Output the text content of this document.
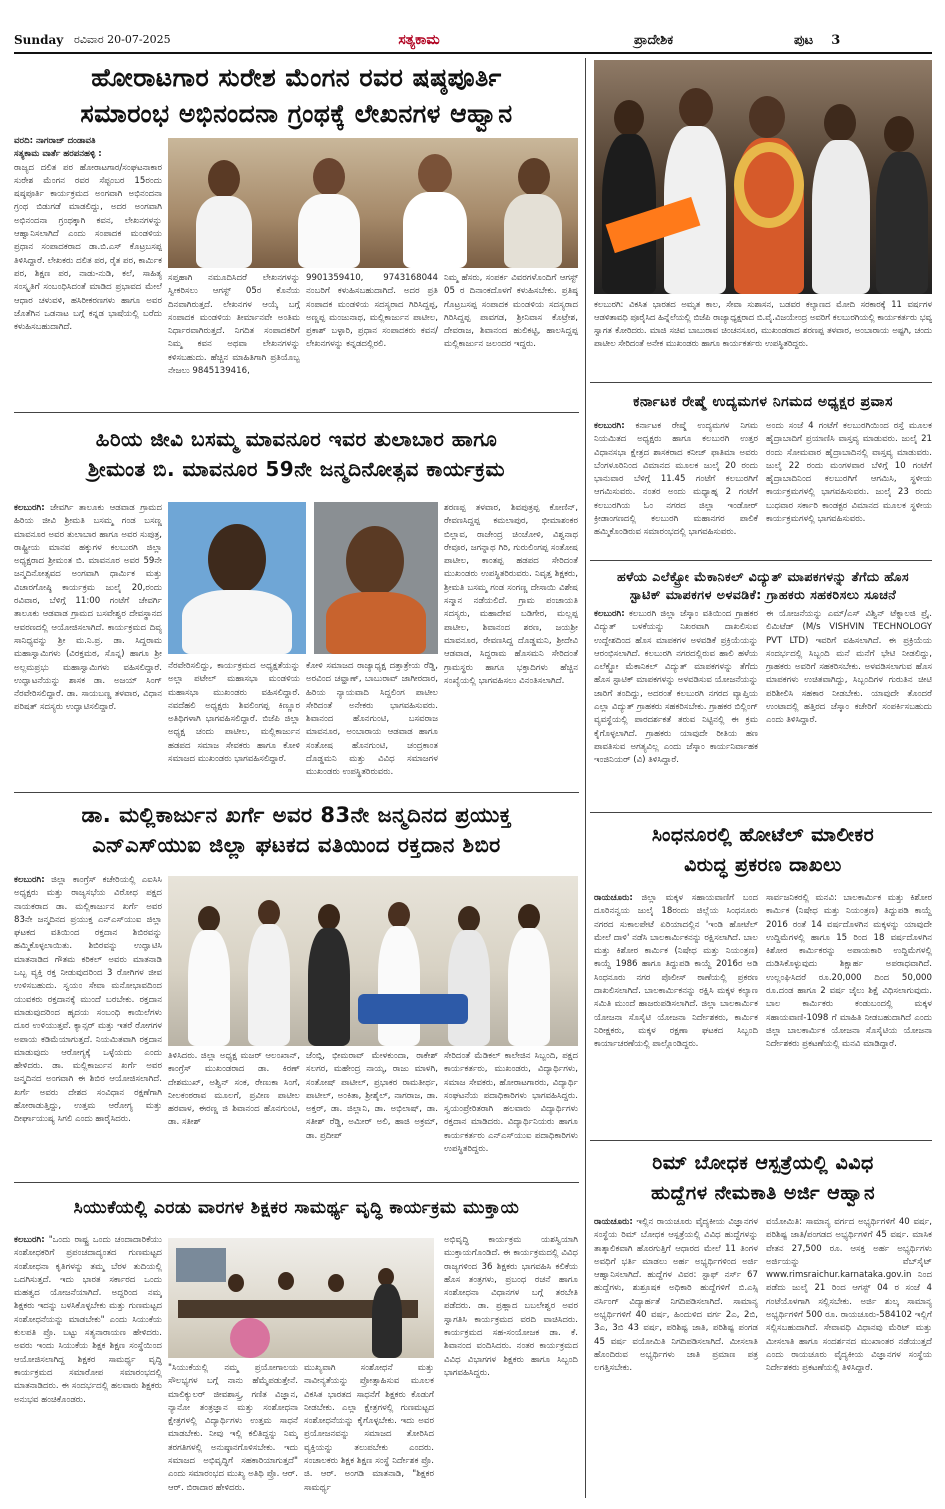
Sunday ರವಿವಾರ 20-07-2025	ಸತ್ಯಕಾಮ	ಪ್ರಾದೇಶಿಕ	ಪುಟ 3
ಹೋರಾಟಗಾರ ಸುರೇಶ ಮೆಂಗನ ರವರ ಷಷ್ಠಪೂರ್ತಿ
ಸಮಾರಂಭ ಅಭಿನಂದನಾ ಗ್ರಂಥಕ್ಕೆ ಲೇಖನಗಳ ಆಹ್ವಾನ
ವರದಿ: ನಾಗರಾಜ್ ದಂಡಾವತಿ
ಸತ್ಯಕಾಮ ವಾರ್ತೆ ಹರಪನಹಳ್ಳಿ :
ರಾಜ್ಯದ ದಲಿತ ಪರ ಹೋರಾಟಗಾರ/ಸಂಘಟನಾಕಾರ ಸುರೇಶ ಮೆಂಗನ ರವರ ಸೆಪ್ಟಂಬರ 15ರಂದು ಷಷ್ಠಪೂರ್ತಿ ಕಾರ್ಯಕ್ರಮದ ಅಂಗವಾಗಿ ಅಭಿನಂದನಾ ಗ್ರಂಥ ಬಿಡುಗಡೆ ಮಾಡಲಿದ್ದು, ಅದರ ಅಂಗವಾಗಿ ಅಭಿನಂದನಾ ಗ್ರಂಥಕ್ಕಾಗಿ ಕವನ, ಲೇಖನಗಳನ್ನು ಆಹ್ವಾನಿಸಲಾಗಿದೆ ಎಂದು ಸಂಪಾದಕ ಮಂಡಳಿಯ ಪ್ರಧಾನ ಸಂಪಾದಕರಾದ ಡಾ.ಬಿ.ಎಸ್ ಕೊಟ್ರಬಸಪ್ಪ ತಿಳಿಸಿದ್ದಾರೆ. ಲೇಖಕರು ದಲಿತ ಪರ, ರೈತ ಪರ, ಕಾರ್ಮಿಕ ಪರ, ಶಿಕ್ಷಣ ಪರ, ನಾಡು-ನುಡಿ, ಕಲೆ, ಸಾಹಿತ್ಯ ಸಂಸ್ಕೃತಿಗೆ ಸಂಬಂಧಿಸಿದಂತೆ ಮಾಡಿದ ಪ್ರಭಾವದ ಮೇಲೆ ಆಧಾರ ಚಳುವಳಿ, ಹಸಿರೀಕರಣಗಳು ಹಾಗೂ ಅವರ ಜೊತೆಗಿನ ಒಡನಾಟ ಬಗ್ಗೆ ಕನ್ನಡ ಭಾಷೆಯಲ್ಲಿ ಬರೆದು ಕಳುಹಿಸಬಹುದಾಗಿದೆ.
ಸಪ್ತಹಾಗಿ ನಮೂದಿಸಿದರೆ ಲೇಖನಗಳನ್ನು ಸ್ವೀಕರಿಸಲು ಆಗಸ್ಟ್ 05ರ ಕೊನೆಯ ದಿನವಾಗಿರುತ್ತದೆ. ಲೇಖನಗಳ ಆಯ್ಕೆ ಬಗ್ಗೆ ಸಂಪಾದಕ ಮಂಡಳಿಯ ತೀರ್ಮಾನವೇ ಅಂತಿಮ ನಿರ್ಧಾರವಾಗಿರುತ್ತದೆ. ನಿಗದಿತ ಸಂಪಾದಕರಿಗೆ ನಿಮ್ಮ ಕವನ ಅಥವಾ ಲೇಖನಗಳನ್ನು ಕಳಿಸಬಹುದು. ಹೆಚ್ಚಿನ ಮಾಹಿತಿಗಾಗಿ ಪ್ರತಿಯೊಬ್ಬ ನೇಜಲು 9845139416,
9901359410, 9743168044 ನಂಬರಿಗೆ ಕಳುಹಿಸಬಹುದಾಗಿದೆ. ಅದರ ಪ್ರತಿ ಸಂಪಾದಕ ಮಂಡಳಿಯ ಸದಸ್ಯರಾದ ಗಿರಿಸಿದ್ದಪ್ಪ, ಅಣ್ಣಪ್ಪ ಮಂಜುನಾಥ, ಮಲ್ಲಿಕಾರ್ಜುನ ಪಾಟೀಲ, ಪ್ರಕಾಶ್ ಬಳ್ಳಾರಿ, ಪ್ರಧಾನ ಸಂಪಾದಕರು ಕವನ/ಲೇಖನಗಳನ್ನು ಕನ್ನಡದಲ್ಲಿರಲಿ.
ನಿಮ್ಮ ಹೆಸರು, ಸಂಪರ್ಕ ವಿವರಗಳೊಂದಿಗೆ ಆಗಸ್ಟ್ 05 ರ ದಿನಾಂಕದೊಳಗೆ ಕಳುಹಿಸಬೇಕು. ಪ್ರತಿಷ್ಠ ಗೊಟ್ರಬಸಪ್ಪ ಸಂಪಾದಕ ಮಂಡಳಿಯ ಸದಸ್ಯರಾದ ಗಿರಿಸಿದ್ದಪ್ಪ ಪಾವಗಡ, ಶ್ರೀನಿವಾಸ ಕೊಟ್ರೇಶ, ದೇವರಾಜ, ಶಿವಾನಂದ ಹುಲಿಕಟ್ಟಿ, ಹಾಲಸಿದ್ದಪ್ಪ ಮಲ್ಲಿಕಾರ್ಜುನ ಜಲಂದರ ಇದ್ದರು.
ಕಲಬುರಗಿ: ವಿಕಸಿತ ಭಾರತದ ಅಮೃತ ಕಾಲ, ಸೇವಾ ಸುಶಾಸನ, ಬಡವರ ಕಲ್ಯಾಣದ ಮೋದಿ ಸರಕಾರಕ್ಕೆ 11 ವರ್ಷಗಳ ಆಡಳಿತಾವಧಿ ಪೂರೈಸಿದ ಹಿನ್ನೆಲೆಯಲ್ಲಿ ಬಿಜೆಪಿ ರಾಜ್ಯಾಧ್ಯಕ್ಷರಾದ ಬಿ.ವೈ.ವಿಜಯೇಂದ್ರ ಅವರಿಗೆ ಕಲಬುರಗಿಯಲ್ಲಿ ಕಾರ್ಯಕರ್ತರು ಭವ್ಯ ಸ್ವಾಗತ ಕೋರಿದರು. ಮಾಜಿ ಸಚಿವ ಬಾಬುರಾವ ಚಿಂಚನಸೂರ, ಮುಖಂಡರಾದ ಶರಣಪ್ಪ ತಳವಾರ, ಅಂಬಾರಾಯ ಅಷ್ಟಗಿ, ಚಂದು ಪಾಟೀಲ ಸೇರಿದಂತೆ ಅನೇಕ ಮುಖಂಡರು ಹಾಗೂ ಕಾರ್ಯಕರ್ತರು ಉಪಸ್ಥಿತರಿದ್ದರು.
ಕರ್ನಾಟಕ ರೇಷ್ಮೆ ಉದ್ಯಮಗಳ ನಿಗಮದ ಅಧ್ಯಕ್ಷರ ಪ್ರವಾಸ
ಕಲಬುರಗಿ: ಕರ್ನಾಟಕ ರೇಷ್ಮೆ ಉದ್ಯಮಗಳ ನಿಗಮ ನಿಯಮಿತದ ಅಧ್ಯಕ್ಷರು ಹಾಗೂ ಕಲಬುರಗಿ ಉತ್ತರ ವಿಧಾನಸಭಾ ಕ್ಷೇತ್ರದ ಶಾಸಕರಾದ ಕನೀಜ್ ಫಾತಿಮಾ ಅವರು ಬೆಂಗಳೂರಿನಿಂದ ವಿಮಾನದ ಮೂಲಕ ಜುಲೈ 20 ರಂದು ಭಾನುವಾರ ಬೆಳಿಗ್ಗೆ 11.45 ಗಂಟೆಗೆ ಕಲಬುರಗಿಗೆ ಆಗಮಿಸುವರು. ನಂತರ ಅಂದು ಮಧ್ಯಾಹ್ನ 2 ಗಂಟೆಗೆ ಕಲಬುರಗಿಯ ಓಂ ನಗರದ ಜಿಲ್ಲಾ ಇಂಡೋರ್ ಕ್ರೀಡಾಂಗಣದಲ್ಲಿ ಕಲಬುರಗಿ ಮಹಾನಗರ ಪಾಲಿಕೆ ಹಮ್ಮಿಕೊಂಡಿರುವ ಸಮಾರಂಭದಲ್ಲಿ ಭಾಗವಹಿಸುವರು.
ಅಂದು ಸಂಜೆ 4 ಗಂಟೆಗೆ ಕಲಬುರಗಿಯಿಂದ ರಸ್ತೆ ಮೂಲಕ ಹೈದ್ರಾಬಾದಿಗೆ ಪ್ರಯಾಣಿಸಿ ವಾಸ್ತವ್ಯ ಮಾಡುವರು. ಜುಲೈ 21 ರಂದು ಸೋಮವಾರ ಹೈದ್ರಾಬಾದಿನಲ್ಲಿ ವಾಸ್ತವ್ಯ ಮಾಡುವರು. ಜುಲೈ 22 ರಂದು ಮಂಗಳವಾರ ಬೆಳಿಗ್ಗೆ 10 ಗಂಟೆಗೆ ಹೈದ್ರಾಬಾದಿನಿಂದ ಕಲಬುರಗಿಗೆ ಆಗಮಿಸಿ, ಸ್ಥಳೀಯ ಕಾರ್ಯಕ್ರಮಗಳಲ್ಲಿ ಭಾಗವಹಿಸುವರು. ಜುಲೈ 23 ರಂದು ಬುಧವಾರ ಸರ್ಕಾರಿ ಕಾಂಡಕ್ಟರ ವಿಮಾನದ ಮೂಲಕ ಸ್ಥಳೀಯ ಕಾರ್ಯಕ್ರಮಗಳಲ್ಲಿ ಭಾಗವಹಿಸುವರು.
ಹಿರಿಯ ಜೀವಿ ಬಸಮ್ಮ ಮಾವನೂರ ಇವರ ತುಲಾಬಾರ ಹಾಗೂ
ಶ್ರೀಮಂತ ಬಿ. ಮಾವನೂರ 59ನೇ ಜನ್ಮದಿನೋತ್ಸವ ಕಾರ್ಯಕ್ರಮ
ಕಲಬುರಗಿ: ಜೇವರ್ಗಿ ತಾಲೂಕು ಆಡವಾಡ ಗ್ರಾಮದ ಹಿರಿಯ ಜೀವಿ ಶ್ರೀಮತಿ ಬಸಮ್ಮ ಗಂಡ ಬಸಣ್ಣ ಮಾವನೂರ ಅವರ ತುಲಾಬಾರ ಹಾಗೂ ಅವರ ಸುಪುತ್ರ, ರಾಷ್ಟ್ರೀಯ ಮಾನವ ಹಕ್ಕುಗಳ ಕಲಬುರಗಿ ಜಿಲ್ಲಾ ಅಧ್ಯಕ್ಷರಾದ ಶ್ರೀಮಂತ ಬಿ. ಮಾವನೂರ ಅವರ 59ನೇ ಜನ್ಮದಿನೋತ್ಸವದ ಅಂಗವಾಗಿ ಧಾರ್ಮಿಕ ಮತ್ತು ವಿಚಾರಗೋಷ್ಠಿ ಕಾರ್ಯಕ್ರಮ ಜುಲೈ 20,ರಂದು ರವಿವಾರ, ಬೆಳಿಗ್ಗೆ 11:00 ಗಂಟೆಗೆ ಜೇವರ್ಗಿ ತಾಲೂಕು ಆಡವಾಡ ಗ್ರಾಮದ ಬಸವೇಶ್ವರ ದೇವಸ್ಥಾನದ ಆವರಣದಲ್ಲಿ ಆಯೋಜಿಸಲಾಗಿದೆ. ಕಾರ್ಯಕ್ರಮದ ದಿವ್ಯ ಸಾನಿಧ್ಯವನ್ನು ಶ್ರೀ ಮ.ನಿ.ಪ್ರ. ಡಾ. ಸಿದ್ದರಾಮ ಮಹಾಸ್ವಾಮಿಗಳು (ವಿರಕ್ತಮಠ, ಸೊನ್ನ) ಹಾಗೂ ಶ್ರೀ ಅಲ್ಲಮಪ್ರಭು ಮಹಾಸ್ವಾಮಿಗಳು ವಹಿಸಲಿದ್ದಾರೆ. ಉದ್ಘಾಟನೆಯನ್ನು ಶಾಸಕ ಡಾ. ಅಜಯ್ ಸಿಂಗ್ ನೆರವೇರಿಸಲಿದ್ದಾರೆ. ಡಾ. ಸಾಯಬಣ್ಣ ತಳವಾರ, ವಿಧಾನ ಪರಿಷತ್ ಸದಸ್ಯರು ಉದ್ಘಾಟಿಸಲಿದ್ದಾರೆ.
ನೆರವೇರಿಸಲಿದ್ದು, ಕಾರ್ಯಕ್ರಮದ ಅಧ್ಯಕ್ಷತೆಯನ್ನು ಅಲ್ಲಾ ಪಟೇಲ್ ಮಹಾಸಭಾ ಮಂಡಳಿಯ ಮಹಾಸಭಾ ಮುಖಂಡರು ವಹಿಸಲಿದ್ದಾರೆ. ನವದೆಹಲಿ ಅಧ್ಯಕ್ಷರು ಶಿವಲಿಂಗಪ್ಪ ಕಿಣ್ಣೂರ ಅತಿಥಿಗಳಾಗಿ ಭಾಗವಹಿಸಲಿದ್ದಾರೆ. ಬಿಜೆಪಿ ಜಿಲ್ಲಾ ಅಧ್ಯಕ್ಷ ಚಂದು ಪಾಟೀಲ, ಮಲ್ಲಿಕಾರ್ಜುನ ಹಡಪದ ಸಮಾಜ ಸೇವಕರು ಹಾಗೂ ಕೋಳಿ ಸಮಾಜದ ಮುಖಂಡರು ಭಾಗವಹಿಸಲಿದ್ದಾರೆ.
ಕೋಳಿ ಸಮಾಜದ ರಾಜ್ಯಾಧ್ಯಕ್ಷ ದತ್ತಾತ್ರೇಯ ರೆಡ್ಡಿ, ಅರವಿಂದ ಚವ್ಹಾಣ್, ಬಾಬುರಾವ್ ಜಾಗೀರದಾರ, ಹಿರಿಯ ನ್ಯಾಯವಾದಿ ಸಿದ್ದಲಿಂಗ ಪಾಟೀಲ ಸೇರಿದಂತೆ ಅನೇಕರು ಭಾಗವಹಿಸುವರು. ಶಿವಾನಂದ ಹೊನಗುಂಟಿ, ಬಸವರಾಜ ಮಾವನೂರ, ಅಂಬಾರಾಯ ಆಡವಾಡ ಹಾಗೂ ಸಂತೋಷ ಹೊನಗುಂಟಿ, ಚಂದ್ರಕಾಂತ ದೊಡ್ಡಮನಿ ಮತ್ತು ವಿವಿಧ ಸಮಾಜಗಳ ಮುಖಂಡರು ಉಪಸ್ಥಿತರಿರುವರು.
ಶರಣಪ್ಪ ತಳವಾರ, ಶಿವಪುತ್ರಪ್ಪ ಕೋಣಿನ್, ರೇವಣಸಿದ್ದಪ್ಪ ಕಮಲಾಪುರ, ಭೀಮಾಶಂಕರ ಬಿಲ್ಲಾವ, ರಾಜೇಂದ್ರ ಚಿಂಚೋಳಿ, ವಿಶ್ವನಾಥ ರೇವೂರ, ಜಗನ್ನಾಥ ಗಿರಿ, ಗುರುಲಿಂಗಪ್ಪ ಸಂತೋಷ ಪಾಟೀಲ, ಕಾಂತಪ್ಪ ಹಡಪದ ಸೇರಿದಂತೆ ಮುಖಂಡರು ಉಪಸ್ಥಿತರಿರುವರು. ನಿವೃತ್ತ ಶಿಕ್ಷಕರು, ಶ್ರೀಮತಿ ಬಸಮ್ಮ ಗಂಡ ಸಂಗಣ್ಣ ದೇಸಾಯಿ ವಿಶೇಷ ಸನ್ಮಾನ ನಡೆಯಲಿದೆ. ಗ್ರಾಮ ಪಂಚಾಯತಿ ಸದಸ್ಯರು, ಮಹಾದೇವ ಬಡಿಗೇರ, ಮಲ್ಲಪ್ಪ ಪಾಟೀಲ, ಶಿವಾನಂದ ಶರಣ, ಜಯಶ್ರೀ ಮಾವನೂರ, ರೇವಣಸಿದ್ದ ದೊಡ್ಡಮನಿ, ಶ್ರೀದೇವಿ ಆಡವಾಡ, ಸಿದ್ದರಾಮ ಹೊಸಮನಿ ಸೇರಿದಂತೆ ಗ್ರಾಮಸ್ಥರು ಹಾಗೂ ಭಕ್ತಾದಿಗಳು ಹೆಚ್ಚಿನ ಸಂಖ್ಯೆಯಲ್ಲಿ ಭಾಗವಹಿಸಲು ವಿನಂತಿಸಲಾಗಿದೆ.
ಹಳೆಯ ಎಲೆಕ್ಟ್ರೋ ಮೆಕಾನಿಕಲ್ ವಿದ್ಯುತ್ ಮಾಪಕಗಳನ್ನು ತೆಗೆದು ಹೊಸ
ಸ್ಟಾಟಿಕ್ ಮಾಪಕಗಳ ಅಳವಡಿಕೆ: ಗ್ರಾಹಕರು ಸಹಕರಿಸಲು ಸೂಚನೆ
ಕಲಬುರಗಿ: ಕಲಬುರಗಿ ಜಿಲ್ಲಾ ಜೆಸ್ಕಾಂ ವತಿಯಿಂದ ಗ್ರಾಹಕರ ವಿದ್ಯುತ್ ಬಳಕೆಯನ್ನು ನಿಖರವಾಗಿ ದಾಖಲಿಸುವ ಉದ್ದೇಶದಿಂದ ಹೊಸ ಮಾಪಕಗಳ ಅಳವಡಿಕೆ ಪ್ರಕ್ರಿಯೆಯನ್ನು ಆರಂಭಿಸಲಾಗಿದೆ. ಕಲಬುರಗಿ ನಗರದಲ್ಲಿರುವ ಹಾಲಿ ಹಳೆಯ ಎಲೆಕ್ಟ್ರೋ ಮೆಕಾನಿಕಲ್ ವಿದ್ಯುತ್ ಮಾಪಕಗಳನ್ನು ತೆಗೆದು ಹೊಸ ಸ್ಟಾಟಿಕ್ ಮಾಪಕಗಳನ್ನು ಅಳವಡಿಸುವ ಯೋಜನೆಯನ್ನು ಜಾರಿಗೆ ತಂದಿದ್ದು, ಅದರಂತೆ ಕಲಬುರಗಿ ನಗರದ ವ್ಯಾಪ್ತಿಯ ಎಲ್ಲಾ ವಿದ್ಯುತ್ ಗ್ರಾಹಕರು ಸಹಕರಿಸಬೇಕು. ಗ್ರಾಹಕರ ಬಿಲ್ಲಿಂಗ್ ವ್ಯವಸ್ಥೆಯಲ್ಲಿ ಪಾರದರ್ಶಕತೆ ತರುವ ನಿಟ್ಟಿನಲ್ಲಿ ಈ ಕ್ರಮ ಕೈಗೊಳ್ಳಲಾಗಿದೆ. ಗ್ರಾಹಕರು ಯಾವುದೇ ರೀತಿಯ ಹಣ ಪಾವತಿಸುವ ಅಗತ್ಯವಿಲ್ಲ ಎಂದು ಜೆಸ್ಕಾಂ ಕಾರ್ಯನಿರ್ವಾಹಕ ಇಂಜಿನಿಯರ್ (ವಿ) ತಿಳಿಸಿದ್ದಾರೆ.
ಈ ಯೋಜನೆಯನ್ನು ಎಮ್/ಎಸ್ ವಿಶ್ವಿನ್ ಟೆಕ್ನಾಲಜಿ ಪ್ರೈ. ಲಿಮಿಟೆಡ್ (M/s VISHVIN TECHNOLOGY PVT LTD) ಇವರಿಗೆ ವಹಿಸಲಾಗಿದೆ. ಈ ಪ್ರಕ್ರಿಯೆಯ ಸಂದರ್ಭದಲ್ಲಿ ಸಿಬ್ಬಂದಿ ಮನೆ ಮನೆಗೆ ಭೇಟಿ ನೀಡಲಿದ್ದು, ಗ್ರಾಹಕರು ಅವರಿಗೆ ಸಹಕರಿಸಬೇಕು. ಅಳವಡಿಸಲಾಗುವ ಹೊಸ ಮಾಪಕಗಳು ಉಚಿತವಾಗಿದ್ದು, ಸಿಬ್ಬಂದಿಗಳ ಗುರುತಿನ ಚೀಟಿ ಪರಿಶೀಲಿಸಿ ಸಹಕಾರ ನೀಡಬೇಕು. ಯಾವುದೇ ತೊಂದರೆ ಉಂಟಾದಲ್ಲಿ ಹತ್ತಿರದ ಜೆಸ್ಕಾಂ ಕಚೇರಿಗೆ ಸಂಪರ್ಕಿಸಬಹುದು ಎಂದು ತಿಳಿಸಿದ್ದಾರೆ.
ಡಾ. ಮಲ್ಲಿಕಾರ್ಜುನ ಖರ್ಗೆ ಅವರ 83ನೇ ಜನ್ಮದಿನದ ಪ್ರಯುಕ್ತ
ಎನ್‌ಎಸ್‌ಯುಐ ಜಿಲ್ಲಾ ಘಟಕದ ವತಿಯಿಂದ ರಕ್ತದಾನ ಶಿಬಿರ
ಕಲಬುರಗಿ: ಜಿಲ್ಲಾ ಕಾಂಗ್ರೆಸ್ ಕಚೇರಿಯಲ್ಲಿ ಎಐಸಿಸಿ ಅಧ್ಯಕ್ಷರು ಮತ್ತು ರಾಜ್ಯಸಭೆಯ ವಿರೋಧ ಪಕ್ಷದ ನಾಯಕರಾದ ಡಾ. ಮಲ್ಲಿಕಾರ್ಜುನ ಖರ್ಗೆ ಅವರ 83ನೇ ಜನ್ಮದಿನದ ಪ್ರಯುಕ್ತ ಎನ್‌ಎಸ್‌ಯುಐ ಜಿಲ್ಲಾ ಘಟಕದ ವತಿಯಿಂದ ರಕ್ತದಾನ ಶಿಬಿರವನ್ನು ಹಮ್ಮಿಕೊಳ್ಳಲಾಯಿತು. ಶಿಬಿರವನ್ನು ಉದ್ಘಾಟಿಸಿ ಮಾತನಾಡಿದ ಗೌತಮ ಕರಿಕಲ್ ಅವರು ಮಾತನಾಡಿ ಒಬ್ಬ ವ್ಯಕ್ತಿ ರಕ್ತ ನೀಡುವುದರಿಂದ 3 ರೋಗಿಗಳ ಜೀವ ಉಳಿಸಬಹುದು. ಸ್ವಯಂ ಸೇವಾ ಮನೋಭಾವದಿಂದ ಯುವಕರು ರಕ್ತದಾನಕ್ಕೆ ಮುಂದೆ ಬರಬೇಕು. ರಕ್ತದಾನ ಮಾಡುವುದರಿಂದ ಹೃದಯ ಸಂಬಂಧಿ ಕಾಯಿಲೆಗಳು ದೂರ ಉಳಿಯುತ್ತವೆ. ಕ್ಯಾನ್ಸರ್ ಮತ್ತು ಇತರೆ ರೋಗಗಳ ಅಪಾಯ ಕಡಿಮೆಯಾಗುತ್ತದೆ. ನಿಯಮಿತವಾಗಿ ರಕ್ತದಾನ ಮಾಡುವುದು ಆರೋಗ್ಯಕ್ಕೆ ಒಳ್ಳೆಯದು ಎಂದು ಹೇಳಿದರು. ಡಾ. ಮಲ್ಲಿಕಾರ್ಜುನ ಖರ್ಗೆ ಅವರ ಜನ್ಮದಿನದ ಅಂಗವಾಗಿ ಈ ಶಿಬಿರ ಆಯೋಜಿಸಲಾಗಿದೆ. ಖರ್ಗೆ ಅವರು ದೇಶದ ಸಂವಿಧಾನ ರಕ್ಷಣೆಗಾಗಿ ಹೋರಾಡುತ್ತಿದ್ದು, ಉತ್ತಮ ಆರೋಗ್ಯ ಮತ್ತು ದೀರ್ಘಾಯುಷ್ಯ ಸಿಗಲಿ ಎಂದು ಹಾರೈಸಿದರು.
ತಿಳಿಸಿದರು. ಜಿಲ್ಲಾ ಅಧ್ಯಕ್ಷ ಮಜರ್ ಆಲಂಖಾನ್, ಕಾಂಗ್ರೆಸ್ ಮುಖಂಡರಾದ ಡಾ. ಕಿರಣ್ ದೇಶಮುಖ್, ಅಶ್ವಿನ್ ಸಂಕ, ರೇಣುಕಾ ಸಿಂಗೆ, ನೀಲಕಂಠರಾವ ಮೂಲಗೆ, ಪ್ರವೀಣ ಪಾಟೀಲ ಹರವಾಳ, ಈರಣ್ಣ ಜಿ ಶಿವಾನಂದ ಹೊನಗುಂಟಿ, ಡಾ. ಸತೀಶ್
ಜೆಂಬ್ಗಿ, ಭೀಮರಾವ್ ಮೇಳಕುಂದಾ, ರಾಕೇಶ್ ಸಲಗರ, ಮಹೇಂದ್ರ ನಾಯ್ಕ, ರಾಜು ಮಾಳಗಿ, ಸಂತೋಷ್ ಪಾಟೀಲ್, ಪ್ರಭಾಕರ ರಾಮತೀರ್ಥ, ಪಾಟೀಲ್, ಅಂಕಿತಾ, ಶ್ರೀಶೈಲ್, ನಾಗರಾಜ, ಡಾ. ಅಕ್ತರ್, ಡಾ. ಜಿಲ್ಲಾನಿ, ಡಾ. ಅಭಿಲಾಷ್, ಡಾ. ಸತೀಶ್ ರೆಡ್ಡಿ, ಅಮೀರ್ ಅಲಿ, ಹಾಜಿ ಅಕ್ರಮ್, ಡಾ. ಪ್ರದೀಪ್
ಸೇರಿದಂತೆ ಮೆಡಿಕಲ್ ಕಾಲೇಜಿನ ಸಿಬ್ಬಂದಿ, ಪಕ್ಷದ ಕಾರ್ಯಕರ್ತರು, ಮುಖಂಡರು, ವಿದ್ಯಾರ್ಥಿಗಳು, ಸಮಾಜ ಸೇವಕರು, ಹೋರಾಟಗಾರರು, ವಿದ್ಯಾರ್ಥಿ ಸಂಘಟನೆಯ ಪದಾಧಿಕಾರಿಗಳು ಭಾಗವಹಿಸಿದ್ದರು. ಸ್ವಯಂಪ್ರೇರಿತರಾಗಿ ಹಲವಾರು ವಿದ್ಯಾರ್ಥಿಗಳು ರಕ್ತದಾನ ಮಾಡಿದರು. ವಿದ್ಯಾರ್ಥಿನಿಯರು ಹಾಗೂ ಕಾರ್ಯಕರ್ತರು ಎನ್‌ಎಸ್‌ಯುಐ ಪದಾಧಿಕಾರಿಗಳು ಉಪಸ್ಥಿತರಿದ್ದರು.
ಸಿಂಧನೂರಲ್ಲಿ ಹೋಟೆಲ್ ಮಾಲೀಕರ
ವಿರುದ್ಧ ಪ್ರಕರಣ ದಾಖಲು
ರಾಯಚೂರು: ಜಿಲ್ಲಾ ಮಕ್ಕಳ ಸಹಾಯವಾಣಿಗೆ ಬಂದ ದೂರಿನನ್ವಯ ಜುಲೈ 18ರಂದು ಜಿಲ್ಲೆಯ ಸಿಂಧನೂರು ನಗರದ ಸುಕಾಲಪೇಟೆ ಏರಿಯಾದಲ್ಲಿನ 'ಇಂಡಿ ಹೋಟೆಲ್ ಮೇಲೆ ದಾಳಿ' ನಡೆಸಿ ಬಾಲಕಾರ್ಮಿಕನನ್ನು ರಕ್ಷಿಸಲಾಗಿದೆ. ಬಾಲ ಮತ್ತು ಕಿಶೋರ ಕಾರ್ಮಿಕ (ನಿಷೇಧ ಮತ್ತು ನಿಯಂತ್ರಣ) ಕಾಯ್ದೆ 1986 ಹಾಗೂ ತಿದ್ದುಪಡಿ ಕಾಯ್ದೆ 2016ರ ಅಡಿ ಸಿಂಧನೂರು ನಗರ ಪೊಲೀಸ್ ಠಾಣೆಯಲ್ಲಿ ಪ್ರಕರಣ ದಾಖಲಿಸಲಾಗಿದೆ. ಬಾಲಕಾರ್ಮಿಕನನ್ನು ರಕ್ಷಿಸಿ ಮಕ್ಕಳ ಕಲ್ಯಾಣ ಸಮಿತಿ ಮುಂದೆ ಹಾಜರುಪಡಿಸಲಾಗಿದೆ. ಜಿಲ್ಲಾ ಬಾಲಕಾರ್ಮಿಕ ಯೋಜನಾ ಸೊಸೈಟಿ ಯೋಜನಾ ನಿರ್ದೇಶಕರು, ಕಾರ್ಮಿಕ ನಿರೀಕ್ಷಕರು, ಮಕ್ಕಳ ರಕ್ಷಣಾ ಘಟಕದ ಸಿಬ್ಬಂದಿ ಕಾರ್ಯಾಚರಣೆಯಲ್ಲಿ ಪಾಲ್ಗೊಂಡಿದ್ದರು.
ಸಾರ್ವಜನಿಕರಲ್ಲಿ ಮನವಿ: ಬಾಲಕಾರ್ಮಿಕ ಮತ್ತು ಕಿಶೋರ ಕಾರ್ಮಿಕ (ನಿಷೇಧ ಮತ್ತು ನಿಯಂತ್ರಣ) ತಿದ್ದುಪಡಿ ಕಾಯ್ದೆ 2016 ರಂತೆ 14 ವರ್ಷದೊಳಗಿನ ಮಕ್ಕಳನ್ನು ಯಾವುದೇ ಉದ್ದಿಮೆಗಳಲ್ಲಿ ಹಾಗೂ 15 ರಿಂದ 18 ವರ್ಷದೊಳಗಿನ ಕಿಶೋರ ಕಾರ್ಮಿಕರನ್ನು ಅಪಾಯಕಾರಿ ಉದ್ದಿಮೆಗಳಲ್ಲಿ ದುಡಿಸಿಕೊಳ್ಳುವುದು ಶಿಕ್ಷಾರ್ಹ ಅಪರಾಧವಾಗಿದೆ. ಉಲ್ಲಂಘಿಸಿದರೆ ರೂ.20,000 ದಿಂದ 50,000 ರೂ.ದಂಡ ಹಾಗೂ 2 ವರ್ಷ ಜೈಲು ಶಿಕ್ಷೆ ವಿಧಿಸಲಾಗುವುದು. ಬಾಲ ಕಾರ್ಮಿಕರು ಕಂಡುಬಂದಲ್ಲಿ ಮಕ್ಕಳ ಸಹಾಯವಾಣಿ-1098 ಗೆ ಮಾಹಿತಿ ನೀಡಬಹುದಾಗಿದೆ ಎಂದು ಜಿಲ್ಲಾ ಬಾಲಕಾರ್ಮಿಕ ಯೋಜನಾ ಸೊಸೈಟಿಯ ಯೋಜನಾ ನಿರ್ದೇಶಕರು ಪ್ರಕಟಣೆಯಲ್ಲಿ ಮನವಿ ಮಾಡಿದ್ದಾರೆ.
ರಿಮ್ ಬೋಧಕ ಆಸ್ಪತ್ರೆಯಲ್ಲಿ ವಿವಿಧ
ಹುದ್ದೆಗಳ ನೇಮಕಾತಿ ಅರ್ಜಿ ಆಹ್ವಾನ
ರಾಯಚೂರು: ಇಲ್ಲಿನ ರಾಯಚೂರು ವೈದ್ಯಕೀಯ ವಿಜ್ಞಾನಗಳ ಸಂಸ್ಥೆಯ ರಿಮ್ ಬೋಧಕ ಆಸ್ಪತ್ರೆಯಲ್ಲಿ ವಿವಿಧ ಹುದ್ದೆಗಳನ್ನು ತಾತ್ಕಾಲಿಕವಾಗಿ ಹೊರಗುತ್ತಿಗೆ ಆಧಾರದ ಮೇಲೆ 11 ತಿಂಗಳ ಅವಧಿಗೆ ಭರ್ತಿ ಮಾಡಲು ಅರ್ಹ ಅಭ್ಯರ್ಥಿಗಳಿಂದ ಅರ್ಜಿ ಆಹ್ವಾನಿಸಲಾಗಿದೆ. ಹುದ್ದೆಗಳ ವಿವರ: ಸ್ಟಾಫ್ ನರ್ಸ್ 67 ಹುದ್ದೆಗಳು, ಶುಶ್ರೂಷಕ ಅಧಿಕಾರಿ ಹುದ್ದೆಗಳಿಗೆ ಬಿ.ಎಸ್ಸಿ ನರ್ಸಿಂಗ್ ವಿದ್ಯಾರ್ಹತೆ ನಿಗದಿಪಡಿಸಲಾಗಿದೆ. ಸಾಮಾನ್ಯ ಅಭ್ಯರ್ಥಿಗಳಿಗೆ 40 ವರ್ಷ, ಹಿಂದುಳಿದ ವರ್ಗ 2ಎ, 2ಬಿ, 3ಎ, 3ಬಿ 43 ವರ್ಷ, ಪರಿಶಿಷ್ಟ ಜಾತಿ, ಪರಿಶಿಷ್ಟ ಪಂಗಡ 45 ವರ್ಷ ವಯೋಮಿತಿ ನಿಗದಿಪಡಿಸಲಾಗಿದೆ. ಮೀಸಲಾತಿ ಹೊಂದಿರುವ ಅಭ್ಯರ್ಥಿಗಳು ಜಾತಿ ಪ್ರಮಾಣ ಪತ್ರ ಲಗತ್ತಿಸಬೇಕು.
ವಯೋಮಿತಿ: ಸಾಮಾನ್ಯ ವರ್ಗದ ಅಭ್ಯರ್ಥಿಗಳಿಗೆ 40 ವರ್ಷ, ಪರಿಶಿಷ್ಟ ಜಾತಿ/ಪಂಗಡದ ಅಭ್ಯರ್ಥಿಗಳಿಗೆ 45 ವರ್ಷ. ಮಾಸಿಕ ವೇತನ 27,500 ರೂ. ಆಸಕ್ತ ಅರ್ಹ ಅಭ್ಯರ್ಥಿಗಳು ಅರ್ಜಿಯನ್ನು ವೆಬ್‌ಸೈಟ್ www.rimsraichur.karnataka.gov.in ನಿಂದ ಪಡೆದು ಜುಲೈ 21 ರಿಂದ ಆಗಸ್ಟ್ 04 ರ ಸಂಜೆ 4 ಗಂಟೆಯೊಳಗಾಗಿ ಸಲ್ಲಿಸಬೇಕು. ಅರ್ಜಿ ಶುಲ್ಕ ಸಾಮಾನ್ಯ ಅಭ್ಯರ್ಥಿಗಳಿಗೆ 500 ರೂ. ರಾಯಚೂರು-584102 ಇಲ್ಲಿಗೆ ಸಲ್ಲಿಸಬಹುದಾಗಿದೆ. ಸೇವಾವಧಿ ವಿಧಾನವು ಮೆರಿಟ್ ಮತ್ತು ಮೀಸಲಾತಿ ಹಾಗೂ ಸಂದರ್ಶನದ ಮುಖಾಂತರ ನಡೆಯುತ್ತದೆ ಎಂದು ರಾಯಚೂರು ವೈದ್ಯಕೀಯ ವಿಜ್ಞಾನಗಳ ಸಂಸ್ಥೆಯ ನಿರ್ದೇಶಕರು ಪ್ರಕಟಣೆಯಲ್ಲಿ ತಿಳಿಸಿದ್ದಾರೆ.
ಸಿಯುಕೆಯಲ್ಲಿ ಎರಡು ವಾರಗಳ ಶಿಕ್ಷಕರ ಸಾಮರ್ಥ್ಯ ವೃದ್ಧಿ ಕಾರ್ಯಕ್ರಮ ಮುಕ್ತಾಯ
ಕಲಬುರಗಿ: "ಒಂದು ರಾಷ್ಟ್ರ ಒಂದು ಚಂದಾದಾರಿಕೆಯು ಸಂಶೋಧಕರಿಗೆ ಪ್ರಪಂಚದಾದ್ಯಂತದ ಗುಣಮಟ್ಟದ ಸಂಶೋಧನಾ ಕೃತಿಗಳನ್ನು ತಮ್ಮ ಬೆರಳ ತುದಿಯಲ್ಲಿ ಒದಗಿಸುತ್ತದೆ. ಇದು ಭಾರತ ಸರ್ಕಾರದ ಒಂದು ಮಹತ್ವದ ಯೋಜನೆಯಾಗಿದೆ. ಅದ್ದರಿಂದ ನಮ್ಮ ಶಿಕ್ಷಕರು ಇದನ್ನು ಬಳಸಿಕೊಳ್ಳಬೇಕು ಮತ್ತು ಗುಣಮಟ್ಟದ ಸಂಶೋಧನೆಯನ್ನು ಮಾಡಬೇಕು" ಎಂದು ಸಿಯುಕೆಯ ಕುಲಪತಿ ಪ್ರೊ. ಬಟ್ಟು ಸತ್ಯನಾರಾಯಣ ಹೇಳಿದರು. ಅವರು ಇಂದು ಸಿಯುಕೆಯ ಶಿಕ್ಷಕ ಶಿಕ್ಷಣ ಸಂಸ್ಥೆಯಿಂದ ಆಯೋಜಿಸಲಾಗಿದ್ದ ಶಿಕ್ಷಕರ ಸಾಮರ್ಥ್ಯ ವೃದ್ಧಿ ಕಾರ್ಯಕ್ರಮದ ಸಮಾರೋಪ ಸಮಾರಂಭದಲ್ಲಿ ಮಾತನಾಡಿದರು. ಈ ಸಂದರ್ಭದಲ್ಲಿ ಹಲವಾರು ಶಿಕ್ಷಕರು ಅನುಭವ ಹಂಚಿಕೊಂಡರು.
"ಸಿಯುಕೆಯಲ್ಲಿ ನಮ್ಮ ಪ್ರಯೋಗಾಲಯ ಸೌಲಭ್ಯಗಳ ಬಗ್ಗೆ ನಾನು ಹೆಮ್ಮೆಪಡುತ್ತೇನೆ. ಮಾಲಿಕ್ಯುಲರ್ ಜೀವಶಾಸ್ತ್ರ, ಗಣಿತ ವಿಜ್ಞಾನ, ನ್ಯಾನೋ ತಂತ್ರಜ್ಞಾನ ಮತ್ತು ಸಂಶೋಧನಾ ಕ್ಷೇತ್ರಗಳಲ್ಲಿ ವಿದ್ಯಾರ್ಥಿಗಳು ಉತ್ತಮ ಸಾಧನೆ ಮಾಡಬೇಕು. ನೀವು ಇಲ್ಲಿ ಕಲಿತಿದ್ದನ್ನು ನಿಮ್ಮ ತರಗತಿಗಳಲ್ಲಿ ಅನುಷ್ಠಾನಗೊಳಿಸಬೇಕು. ಇದು ಸಮಾಜದ ಅಭಿವೃದ್ಧಿಗೆ ಸಹಕಾರಿಯಾಗುತ್ತದೆ" ಎಂದು ಸಮಾರಂಭದ ಮುಖ್ಯ ಅತಿಥಿ ಪ್ರೊ. ಆರ್. ಆರ್. ಬಿರಾದಾರ ಹೇಳಿದರು.
ಮುಖ್ಯವಾಗಿ ಸಂಶೋಧನೆ ಮತ್ತು ನಾವೀನ್ಯತೆಯನ್ನು ಪ್ರೋತ್ಸಾಹಿಸುವ ಮೂಲಕ ವಿಕಸಿತ ಭಾರತದ ಸಾಧನೆಗೆ ಶಿಕ್ಷಕರು ಕೊಡುಗೆ ನೀಡಬೇಕು. ಎಲ್ಲಾ ಕ್ಷೇತ್ರಗಳಲ್ಲಿ ಗುಣಮಟ್ಟದ ಸಂಶೋಧನೆಯನ್ನು ಕೈಗೊಳ್ಳಬೇಕು. ಇದು ಅವರ ಪ್ರಯೋಜನವನ್ನು ಸಮಾಜದ ತೋರಿಸಿದ ವ್ಯಕ್ತಿಯನ್ನು ತಲುಪಬೇಕು ಎಂದರು. ಸಂಚಾಲಕರು ಶಿಕ್ಷಕ ಶಿಕ್ಷಣ ಸಂಸ್ಥೆ ನಿರ್ದೇಶಕ ಪ್ರೊ. ಜಿ. ಆರ್. ಅಂಗಡಿ ಮಾತನಾಡಿ, "ಶಿಕ್ಷಕರ ಸಾಮರ್ಥ್ಯ
ಅಭಿವೃದ್ಧಿ ಕಾರ್ಯಕ್ರಮ ಯಶಸ್ವಿಯಾಗಿ ಮುಕ್ತಾಯಗೊಂಡಿದೆ. ಈ ಕಾರ್ಯಕ್ರಮದಲ್ಲಿ ವಿವಿಧ ರಾಜ್ಯಗಳಿಂದ 36 ಶಿಕ್ಷಕರು ಭಾಗವಹಿಸಿ ಕಲಿಕೆಯ ಹೊಸ ತಂತ್ರಗಳು, ಪ್ರಬಂಧ ರಚನೆ ಹಾಗೂ ಸಂಶೋಧನಾ ವಿಧಾನಗಳ ಬಗ್ಗೆ ತರಬೇತಿ ಪಡೆದರು. ಡಾ. ಪ್ರಹ್ಲಾದ ಬಬಲೇಶ್ವರ ಅವರ ಸ್ವಾಗತಿಸಿ ಕಾರ್ಯಕ್ರಮದ ವರದಿ ವಾಚಿಸಿದರು. ಕಾರ್ಯಕ್ರಮದ ಸಹ-ಸಂಯೋಜಕ ಡಾ. ಕೆ. ಶಿವಾನಂದ ವಂದಿಸಿದರು. ನಂತರ ಕಾರ್ಯಕ್ರಮದ ವಿವಿಧ ವಿಭಾಗಗಳ ಶಿಕ್ಷಕರು ಹಾಗೂ ಸಿಬ್ಬಂದಿ ಭಾಗವಹಿಸಿದ್ದರು.
